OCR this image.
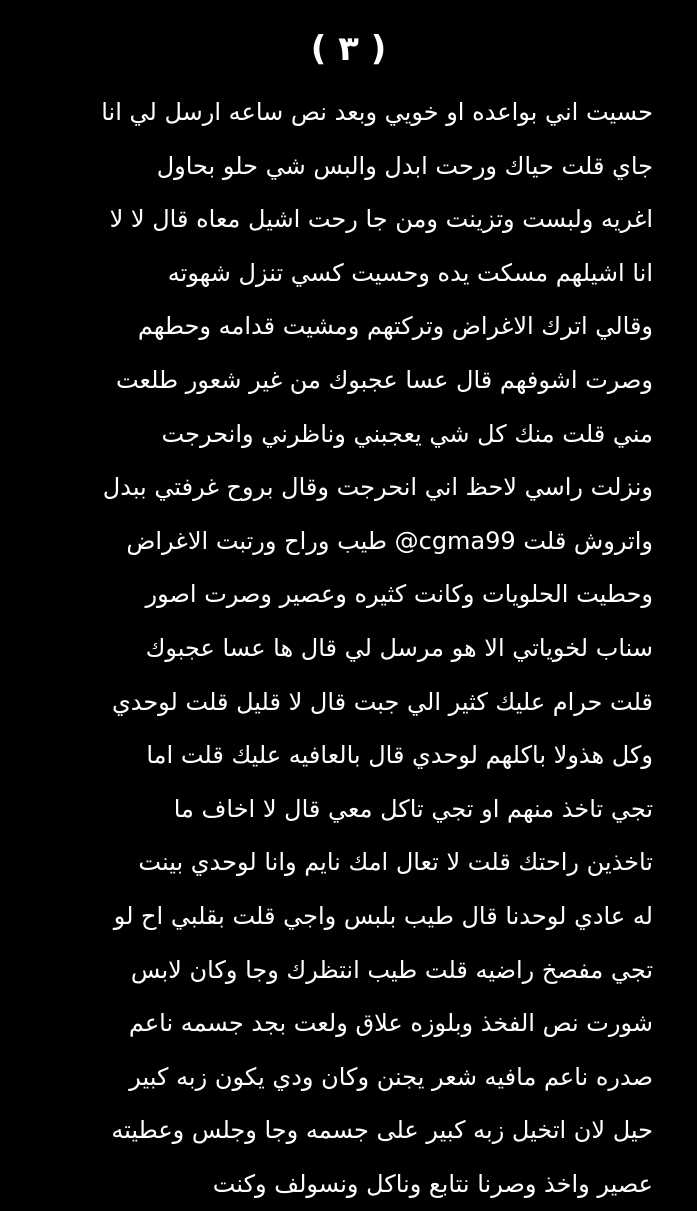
( ٣ )
حسيت اني بواعده او خويي وبعد نص ساعه ارسل لي انا
جاي قلت حياك ورحت ابدل والبس شي حلو بحاول
اغريه ولبست وتزينت ومن جا رحت اشيل معاه قال لا لا
انا اشيلهم مسكت يده وحسيت كسي تنزل شهوته
وقالي اترك الاغراض وتركتهم ومشيت قدامه وحطهم
وصرت اشوفهم قال عسا عجبوك من غير شعور طلعت
مني قلت منك كل شي يعجبني وناظرني وانحرجت
ونزلت راسي لاحظ اني انحرجت وقال بروح غرفتي ببدل
واتروش قلت ‎@cgma99‎ طيب وراح ورتبت الاغراض
وحطيت الحلويات وكانت كثيره وعصير وصرت اصور
سناب لخوياتي الا هو مرسل لي قال ها عسا عجبوك
قلت حرام عليك كثير الي جبت قال لا قليل قلت لوحدي
وكل هذولا باكلهم لوحدي قال بالعافيه عليك قلت اما
تجي تاخذ منهم او تجي تاكل معي قال لا اخاف ما
تاخذين راحتك قلت لا تعال امك نايم وانا لوحدي بينت
له عادي لوحدنا قال طيب بلبس واجي قلت بقلبي اح لو
تجي مفصخ راضيه قلت طيب انتظرك وجا وكان لابس
شورت نص الفخذ وبلوزه علاق ولعت بجد جسمه ناعم
صدره ناعم مافيه شعر يجنن وكان ودي يكون زبه كبير
حيل لان اتخيل زبه كبير على جسمه وجا وجلس وعطيته
عصير واخذ وصرنا نتابع وناكل ونسولف وكنت
